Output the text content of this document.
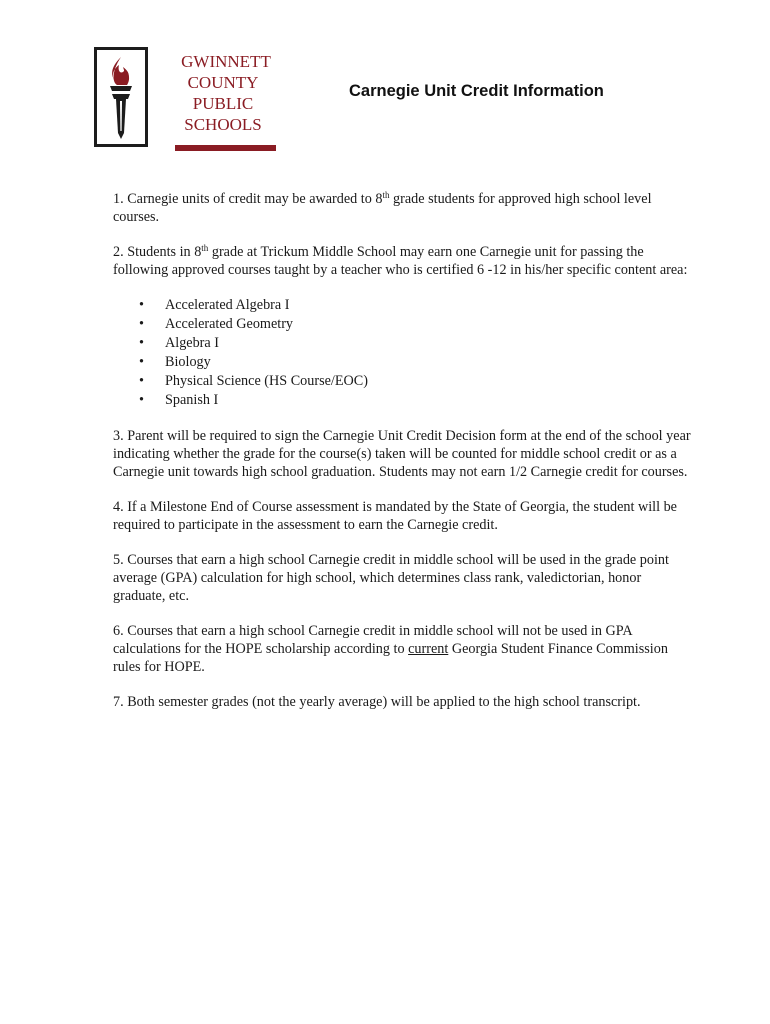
GWINNETT
COUNTY
PUBLIC
SCHOOLS
Carnegie Unit Credit Information

1. Carnegie units of credit may be awarded to 8th grade students for approved high school level courses.

2. Students in 8th grade at Trickum Middle School may earn one Carnegie unit for passing the following approved courses taught by a teacher who is certified 6 -12 in his/her specific content area:

• Accelerated Algebra I
• Accelerated Geometry
• Algebra I
• Biology
• Physical Science (HS Course/EOC)
• Spanish I

3. Parent will be required to sign the Carnegie Unit Credit Decision form at the end of the school year indicating whether the grade for the course(s) taken will be counted for middle school credit or as a Carnegie unit towards high school graduation. Students may not earn 1/2 Carnegie credit for courses.

4. If a Milestone End of Course assessment is mandated by the State of Georgia, the student will be required to participate in the assessment to earn the Carnegie credit.

5. Courses that earn a high school Carnegie credit in middle school will be used in the grade point average (GPA) calculation for high school, which determines class rank, valedictorian, honor graduate, etc.

6. Courses that earn a high school Carnegie credit in middle school will not be used in GPA calculations for the HOPE scholarship according to current Georgia Student Finance Commission rules for HOPE.

7. Both semester grades (not the yearly average) will be applied to the high school transcript.
